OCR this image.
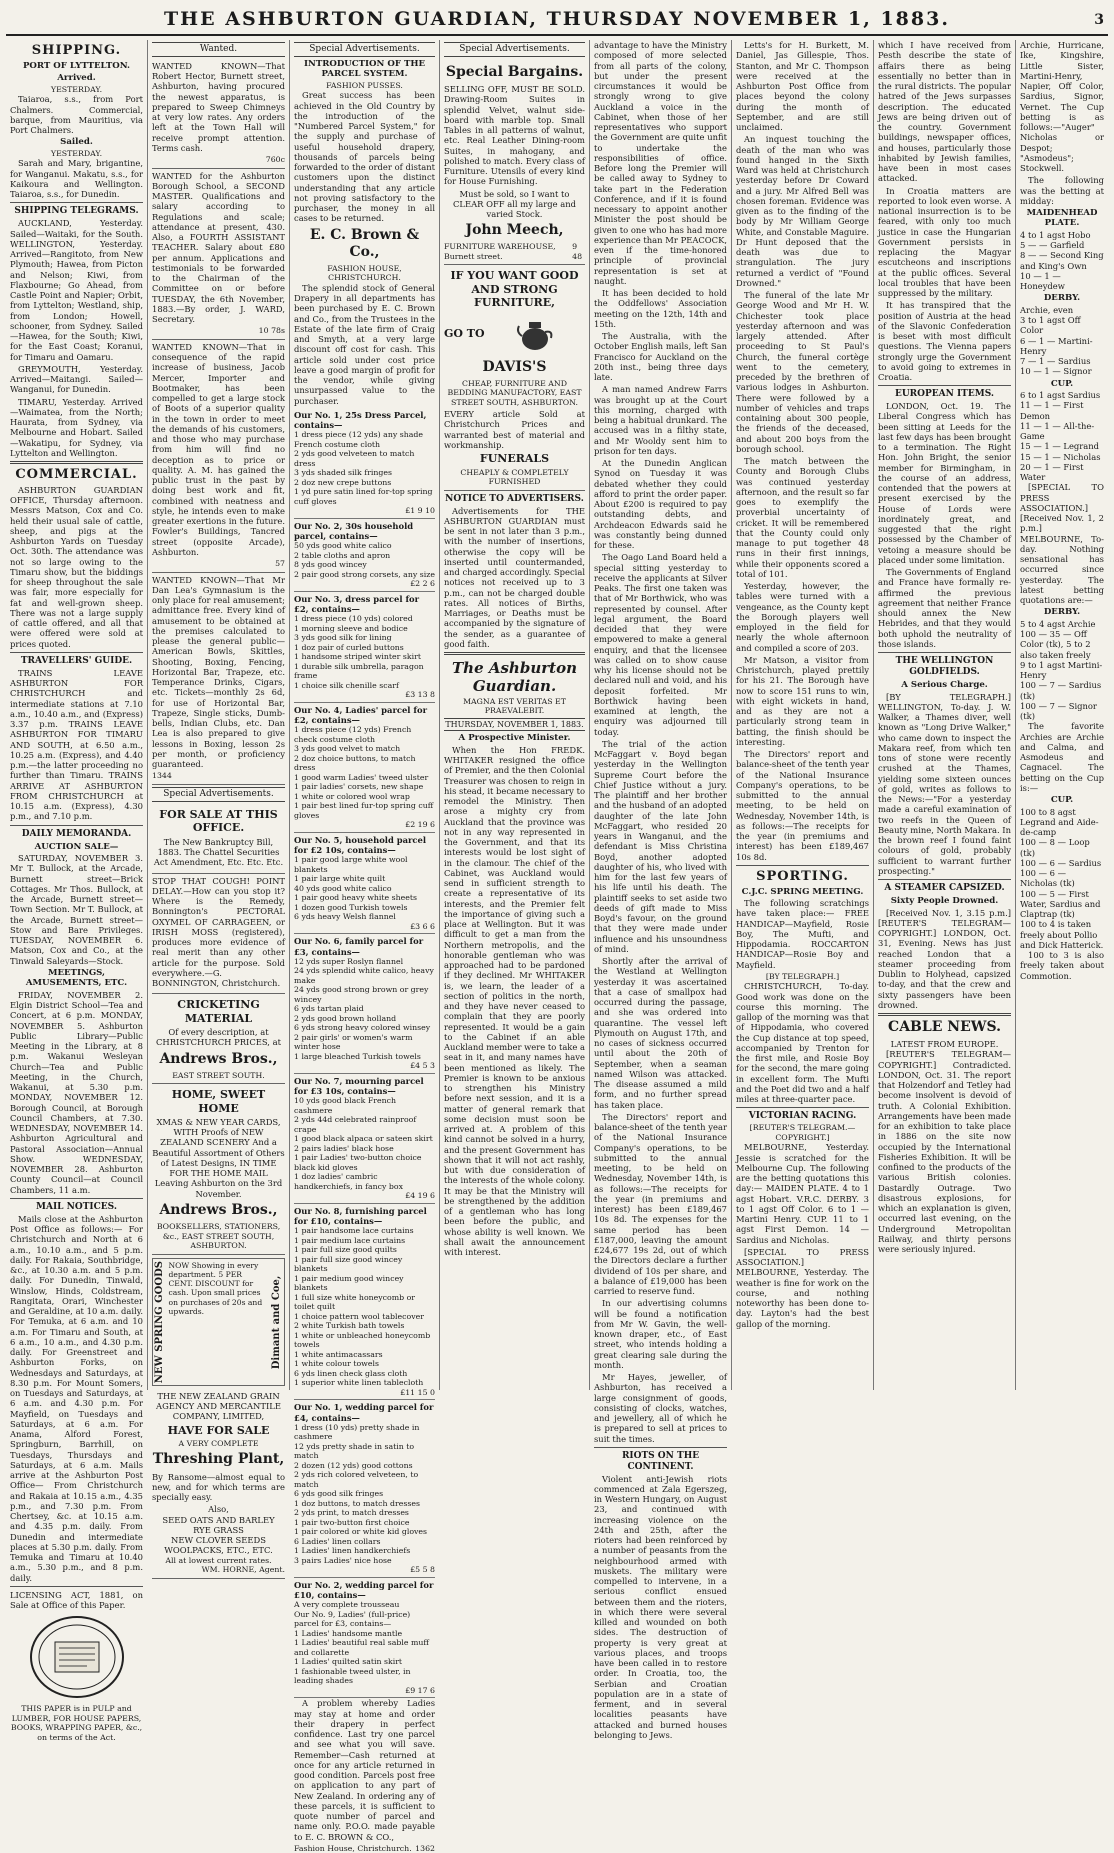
THE ASHBURTON GUARDIAN, THURSDAY NOVEMBER 1, 1883.	3
SHIPPING.
PORT OF LYTTELTON.
Arrived.
YESTERDAY.

Taiaroa, s.s., from Port Chalmers. Commercial, barque, from Mauritius, via Port Chalmers.

Sailed.
YESTERDAY.

Sarah and Mary, brigantine, for Wanganui. Makatu, s.s., for Kaikoura and Wellington. Taiaroa, s.s., for Dunedin.

SHIPPING TELEGRAMS.

AUCKLAND, Yesterday. Sailed—Waitaki, for the South. WELLINGTON, Yesterday. Arrived—Rangitoto, from New Plymouth; Hawea, from Picton and Nelson; Kiwi, from Flaxbourne; Go Ahead, from Castle Point and Napier; Orbit, from Lyttelton; Westland, ship, from London; Howell, schooner, from Sydney. Sailed—Hawea, for the South; Kiwi, for the East Coast; Koranui, for Timaru and Oamaru.

GREYMOUTH, Yesterday. Arrived—Maitangi. Sailed—Wanganui, for Dunedin.

TIMARU, Yesterday. Arrived—Waimatea, from the North; Haurata, from Sydney, via Melbourne and Hobart. Sailed—Wakatipu, for Sydney, via Lyttelton and Wellington.

COMMERCIAL.

ASHBURTON GUARDIAN OFFICE, Thursday afternoon. Messrs Matson, Cox and Co. held their usual sale of cattle, sheep, and pigs at the Ashburton Yards on Tuesday Oct. 30th. The attendance was not so large owing to the Timaru show, but the biddings for sheep throughout the sale was fair, more especially for fat and well-grown sheep. There was not a large supply of cattle offered, and all that were offered were sold at prices quoted.

TRAVELLERS' GUIDE.

TRAINS LEAVE ASHBURTON FOR CHRISTCHURCH and intermediate stations at 7.10 a.m., 10.40 a.m., and (Express) 3.37 p.m. TRAINS LEAVE ASHBURTON FOR TIMARU AND SOUTH, at 6.50 a.m., 10.25 a.m. (Express), and 4.40 p.m.—the latter proceeding no further than Timaru. TRAINS ARRIVE AT ASHBURTON FROM CHRISTCHURCH at 10.15 a.m. (Express), 4.30 p.m., and 7.10 p.m.

DAILY MEMORANDA.
AUCTION SALE—

SATURDAY, NOVEMBER 3. Mr T. Bullock, at the Arcade, Burnett street—Brick Cottages. Mr Thos. Bullock, at the Arcade, Burnett street—Town Section. Mr T. Bullock, at the Arcade, Burnett street—Stow and Bare Privileges. TUESDAY, NOVEMBER 6. Matson, Cox and Co., at the Tinwald Saleyards—Stock.

MEETINGS, AMUSEMENTS, ETC.

FRIDAY, NOVEMBER 2. Elgin District School—Tea and Concert, at 6 p.m. MONDAY, NOVEMBER 5. Ashburton Public Library—Public Meeting in the Library, at 8 p.m. Wakanui Wesleyan Church—Tea and Public Meeting, in the Church, Wakanui, at 5.30 p.m. MONDAY, NOVEMBER 12. Borough Council, at Borough Council Chambers, at 7.30. WEDNESDAY, NOVEMBER 14. Ashburton Agricultural and Pastoral Association—Annual Show. WEDNESDAY, NOVEMBER 28. Ashburton County Council—at Council Chambers, 11 a.m.

MAIL NOTICES.

Mails close at the Ashburton Post Office as follows:— For Christchurch and North at 6 a.m., 10.10 a.m., and 5 p.m. daily. For Rakaia, Southbridge, &c., at 10.30 a.m. and 5 p.m. daily. For Dunedin, Tinwald, Winslow, Hinds, Coldstream, Rangitata, Orari, Winchester and Geraldine, at 10 a.m. daily. For Temuka, at 6 a.m. and 10 a.m. For Timaru and South, at 6 a.m., 10 a.m., and 4.30 p.m. daily. For Greenstreet and Ashburton Forks, on Wednesdays and Saturdays, at 8.30 p.m. For Mount Somers, on Tuesdays and Saturdays, at 6 a.m. and 4.30 p.m. For Mayfield, on Tuesdays and Saturdays, at 6 a.m. For Anama, Alford Forest, Springburn, Barrhill, on Tuesdays, Thursdays and Saturdays, at 6 a.m. Mails arrive at the Ashburton Post Office— From Christchurch and Rakaia at 10.15 a.m., 4.35 p.m., and 7.30 p.m. From Chertsey, &c. at 10.15 a.m. and 4.35 p.m. daily. From Dunedin and intermediate places at 5.30 p.m. daily. From Temuka and Timaru at 10.40 a.m., 5.30 p.m., and 8 p.m. daily.

LICENSING ACT, 1881, on Sale at Office of this Paper.

THIS PAPER is in PULP and LUMBER, FOR HOUSE PAPERS, BOOKS, WRAPPING PAPER, &c., on terms of the Act.

Wanted.

WANTED KNOWN—That Robert Hector, Burnett street, Ashburton, having procured the newest apparatus, is prepared to Sweep Chimneys at very low rates. Any orders left at the Town Hall will receive prompt attention. Terms cash.

760c

WANTED for the Ashburton Borough School, a SECOND MASTER. Qualifications and salary according to Regulations and scale; attendance at present, 430. Also, a FOURTH ASSISTANT TEACHER. Salary about £80 per annum. Applications and testimonials to be forwarded to the Chairman of the Committee on or before TUESDAY, the 6th November, 1883.—By order, J. WARD, Secretary.

10 78s

WANTED KNOWN—That in consequence of the rapid increase of business, Jacob Mercer, Importer and Bootmaker, has been compelled to get a large stock of Boots of a superior quality in the town in order to meet the demands of his customers, and those who may purchase from him will find no deception as to price or quality. A. M. has gained the public trust in the past by doing best work and fit, combined with neatness and style, he intends even to make greater exertions in the future. Fowler's Buildings, Tancred street (opposite Arcade), Ashburton.

57

WANTED KNOWN—That Mr Dan Lea's Gymnasium is the only place for real amusement; admittance free. Every kind of amusement to be obtained at the premises calculated to please the general public—American Bowls, Skittles, Shooting, Boxing, Fencing, Horizontal Bar, Trapeze, etc. Temperance Drinks, Cigars, etc. Tickets—monthly 2s 6d, for use of Horizontal Bar, Trapeze, Single sticks, Dumb-bells, Indian Clubs, etc. Dan Lea is also prepared to give lessons in Boxing, lesson 2s per month, or proficiency guaranteed.

1344
Special Advertisements.
FOR SALE AT THIS OFFICE.

The New Bankruptcy Bill, 1883. The Chattel Securities Act Amendment, Etc. Etc. Etc.

STOP THAT COUGH! POINT DELAY.—How can you stop it? Where is the Remedy, Bonnington's PECTORAL OXYMEL OF CARRAGEEN, or IRISH MOSS (registered), produces more evidence of real merit than any other article for the purpose. Sold everywhere.—G. BONNINGTON, Christchurch.

CRICKETING MATERIAL

Of every description, at CHRISTCHURCH PRICES, at

Andrews Bros.,
EAST STREET SOUTH.
HOME, SWEET HOME

XMAS & NEW YEAR CARDS, WITH Proofs of NEW ZEALAND SCENERY And a Beautiful Assortment of Others of Latest Designs, IN TIME FOR THE HOME MAIL Leaving Ashburton on the 3rd November.

Andrews Bros.,
BOOKSELLERS, STATIONERS, &c., EAST STREET SOUTH, ASHBURTON.
NEW SPRING GOODS NOW Showing in every department. 5 PER CENT. DISCOUNT for cash. Upon small prices on purchases of 20s and upwards.	Dimant and Coe,

THE NEW ZEALAND GRAIN AGENCY AND MERCANTILE COMPANY, LIMITED,

HAVE FOR SALE
A VERY COMPLETE
Threshing Plant,

By Ransome—almost equal to new, and for which terms are specially easy.

Also,
SEED OATS AND BARLEY
RYE GRASS
NEW CLOVER SEEDS
WOOLPACKS, ETC., ETC.
All at lowest current rates.
WM. HORNE, Agent.
Special Advertisements.
INTRODUCTION OF THE PARCEL SYSTEM.
FASHION PUSSES.

Great success has been achieved in the Old Country by the introduction of the "Numbered Parcel System," for the supply and purchase of useful household drapery, thousands of parcels being forwarded to the order of distant customers upon the distinct understanding that any article not proving satisfactory to the purchaser, the money in all cases to be returned.

E. C. Brown & Co.,
FASHION HOUSE, CHRISTCHURCH.

The splendid stock of General Drapery in all departments has been purchased by E. C. Brown and Co., from the Trustees in the Estate of the late firm of Craig and Smyth, at a very large discount off cost for cash. This article sold under cost price leave a good margin of profit for the vendor, while giving unsurpassed value to the purchaser.

Our No. 1, 25s Dress Parcel, contains—
1 dress piece (12 yds) any shade
French costume cloth
2 yds good velveteen to match dress
3 yds shaded silk fringes
2 doz new crepe buttons
1 yd pure satin lined for-top spring cuff gloves
£1 9 10
Our No. 2, 30s household parcel, contains—
50 yds good white calico
2 table cloths and apron
8 yds good wincey
2 pair good strong corsets, any size
£2 2 6
Our No. 3, dress parcel for £2, contains—
1 dress piece (10 yds) colored
1 morning sleeve and bodice
3 yds good silk for lining
1 doz pair of curled buttons
1 handsome striped winter skirt
1 durable silk umbrella, paragon frame
1 choice silk chenille scarf
£3 13 8
Our No. 4, Ladies' parcel for £2, contains—
1 dress piece (12 yds) French check costume cloth
3 yds good velvet to match
2 doz choice buttons, to match dress
1 good warm Ladies' tweed ulster
1 pair ladies' corsets, new shape
1 white or colored wool wrap
1 pair best lined fur-top spring cuff gloves
£2 19 6
Our No. 5, household parcel for £2 10s, contains—
1 pair good large white wool blankets
1 pair large white quilt
40 yds good white calico
1 pair good heavy white sheets
1 dozen good Turkish towels
6 yds heavy Welsh flannel
£3 6 6
Our No. 6, family parcel for £3, contains—
12 yds super Roslyn flannel
24 yds splendid white calico, heavy make
24 yds good strong brown or grey wincey
6 yds tartan plaid
2 yds good brown holland
6 yds strong heavy colored winsey
2 pair girls' or women's warm winter hose
1 large bleached Turkish towels
£4 5 3
Our No. 7, mourning parcel for £3 10s, contains—
10 yds good black French cashmere
2 yds 44d celebrated rainproof crape
1 good black alpaca or sateen skirt
2 pairs ladies' black hose
1 pair Ladies' two-button choice black kid gloves
1 doz ladies' cambric handkerchiefs, in fancy box
£4 19 6
Our No. 8, furnishing parcel for £10, contains—
1 pair handsome lace curtains
1 pair medium lace curtains
1 pair full size good quilts
1 pair full size good wincey blankets
1 pair medium good wincey blankets
1 full size white honeycomb or toilet quilt
1 choice pattern wool tablecover
2 white Turkish bath towels
1 white or unbleached honeycomb towels
1 white antimacassars
1 white colour towels
6 yds linen check glass cloth
1 superior white linen tablecloth
£11 15 0
Our No. 1, wedding parcel for £4, contains—
1 dress (10 yds) pretty shade in cashmere
12 yds pretty shade in satin to match
2 dozen (12 yds) good cottons
2 yds rich colored velveteen, to match
6 yds good silk fringes
1 doz buttons, to match dresses
2 yds print, to match dresses
1 pair two-button first choice
1 pair colored or white kid gloves
6 Ladies' linen collars
1 Ladies' linen handkerchiefs
3 pairs Ladies' nice hose
£5 5 8
Our No. 2, wedding parcel for £10, contains—
A very complete trousseau
Our No. 9, Ladies' (full-price) parcel for £3, contains—
1 Ladies' handsome mantle
1 Ladies' beautiful real sable muff and collarette
1 Ladies' quilted satin skirt
1 fashionable tweed ulster, in leading shades
£9 17 6

A problem whereby Ladies may stay at home and order their drapery in perfect confidence. Last try one parcel and see what you will save. Remember—Cash returned at once for any article returned in good condition. Parcels post free on application to any part of New Zealand. In ordering any of these parcels, it is sufficient to quote number of parcel and name only. P.O.O. made payable to E. C. BROWN & CO.,

Fashion House, Christchurch. 1362
Special Advertisements.
Special Bargains.

SELLING OFF, MUST BE SOLD. Drawing-Room Suites in splendid Velvet, walnut side-board with marble top. Small Tables in all patterns of walnut, etc. Real Leather Dining-room Suites, in mahogany, and polished to match. Every class of Furniture. Utensils of every kind for House Furnishing.

Must be sold, so I want to CLEAR OFF all my large and varied Stock.

John Meech,
FURNITURE WAREHOUSE, Burnett street.
9 48
IF YOU WANT GOOD AND STRONG FURNITURE,
GO TO
DAVIS'S

CHEAP, FURNITURE AND BEDDING MANUFACTORY, EAST STREET SOUTH, ASHBURTON.

EVERY article Sold at Christchurch Prices and warranted best of material and workmanship.

FUNERALS
CHEAPLY & COMPLETELY FURNISHED
NOTICE TO ADVERTISERS.

Advertisements for THE ASHBURTON GUARDIAN must be sent in not later than 3 p.m., with the number of insertions, otherwise the copy will be inserted until countermanded, and charged accordingly. Special notices not received up to 3 p.m., can not be charged double rates. All notices of Births, Marriages, or Deaths must be accompanied by the signature of the sender, as a guarantee of good faith.

The Ashburton Guardian.
MAGNA EST VERITAS ET PRAEVALEBIT.
THURSDAY, NOVEMBER 1, 1883.
A Prospective Minister.

When the Hon FREDK. WHITAKER resigned the office of Premier, and the then Colonial Treasurer was chosen to reign in his stead, it became necessary to remodel the Ministry. Then arose a mighty cry from Auckland that the province was not in any way represented in the Government, and that its interests would be lost sight of in the clamour. The chief of the Cabinet, was Auckland would send in sufficient strength to create a representative of its interests, and the Premier felt the importance of giving such a place at Wellington. But it was difficult to get a man from the Northern metropolis, and the honorable gentleman who was approached had to be pardoned if they declined. Mr WHITAKER is, we learn, the leader of a section of politics in the north, and they have never ceased to complain that they are poorly represented. It would be a gain to the Cabinet if an able Auckland member were to take a seat in it, and many names have been mentioned as likely. The Premier is known to be anxious to strengthen his Ministry before next session, and it is a matter of general remark that some decision must soon be arrived at. A problem of this kind cannot be solved in a hurry, and the present Government has shown that it will not act rashly, but with due consideration of the interests of the whole colony. It may be that the Ministry will be strengthened by the addition of a gentleman who has long been before the public, and whose ability is well known. We shall await the announcement with interest.

advantage to have the Ministry composed of more selected from all parts of the colony, but under the present circumstances it would be strongly wrong to give Auckland a voice in the Cabinet, when those of her representatives who support the Government are quite unfit to undertake the responsibilities of office. Before long the Premier will be called away to Sydney to take part in the Federation Conference, and if it is found necessary to appoint another Minister the post should be given to one who has had more experience than Mr PEACOCK, even if the time-honored principle of provincial representation is set at naught.

It has been decided to hold the Oddfellows' Association meeting on the 12th, 14th and 15th.

The Australia, with the October English mails, left San Francisco for Auckland on the 20th inst., being three days late.

A man named Andrew Farrs was brought up at the Court this morning, charged with being a habitual drunkard. The accused was in a filthy state, and Mr Wooldy sent him to prison for ten days.

At the Dunedin Anglican Synod on Tuesday it was debated whether they could afford to print the order paper. About £200 is required to pay outstanding debts, and Archdeacon Edwards said he was constantly being dunned for these.

The Oago Land Board held a special sitting yesterday to receive the applicants at Silver Peaks. The first one taken was that of Mr Borthwick, who was represented by counsel. After legal argument, the Board decided that they were empowered to make a general enquiry, and that the licensee was called on to show cause why his license should not be declared null and void, and his deposit forfeited. Mr Borthwick having been examined at length, the enquiry was adjourned till today.

The trial of the action McFaggart v. Boyd began yesterday in the Wellington Supreme Court before the Chief Justice without a jury. The plaintiff and her brother and the husband of an adopted daughter of the late John McFaggart, who resided 20 years in Wanganui, and the defendant is Miss Christina Boyd, another adopted daughter of his, who lived with him for the last few years of his life until his death. The plaintiff seeks to set aside two deeds of gift made to Miss Boyd's favour, on the ground that they were made under influence and his unsoundness of mind.

Shortly after the arrival of the Westland at Wellington yesterday it was ascertained that a case of smallpox had occurred during the passage, and she was ordered into quarantine. The vessel left Plymouth on August 17th, and no cases of sickness occurred until about the 20th of September, when a seaman named Wilson was attacked. The disease assumed a mild form, and no further spread has taken place.

The Directors' report and balance-sheet of the tenth year of the National Insurance Company's operations, to be submitted to the annual meeting, to be held on Wednesday, November 14th, is as follows:—The receipts for the year (in premiums and interest) has been £189,467 10s 8d. The expenses for the same period has been £187,000, leaving the amount £24,677 19s 2d, out of which the Directors declare a further dividend of 10s per share, and a balance of £19,000 has been carried to reserve fund.

In our advertising columns will be found a notification from Mr W. Gavin, the well-known draper, etc., of East street, who intends holding a great clearing sale during the month.

Mr Hayes, jeweller, of Ashburton, has received a large consignment of goods, consisting of clocks, watches, and jewellery, all of which he is prepared to sell at prices to suit the times.

RIOTS ON THE CONTINENT.

Violent anti-Jewish riots commenced at Zala Egerszeg, in Western Hungary, on August 23, and continued with increasing violence on the 24th and 25th, after the rioters had been reinforced by a number of peasants from the neighbourhood armed with muskets. The military were compelled to intervene, in a serious conflict ensued between them and the rioters, in which there were several killed and wounded on both sides. The destruction of property is very great at various places, and troops have been called in to restore order. In Croatia, too, the Serbian and Croatian population are in a state of ferment, and in several localities peasants have attacked and burned houses belonging to Jews.

Letts's for H. Burkett, M. Daniel, Jas Gillespie, Thos. Stanton, and Mr C. Thompson were received at the Ashburton Post Office from places beyond the colony during the month of September, and are still unclaimed.

An inquest touching the death of the man who was found hanged in the Sixth Ward was held at Christchurch yesterday before Dr Coward and a jury. Mr Alfred Bell was chosen foreman. Evidence was given as to the finding of the body by Mr William George White, and Constable Maguire. Dr Hunt deposed that the death was due to strangulation. The jury returned a verdict of "Found Drowned."

The funeral of the late Mr George Wood and Mr H. W. Chichester took place yesterday afternoon and was largely attended. After proceeding to St Paul's Church, the funeral cortège went to the cemetery, preceded by the brethren of various lodges in Ashburton. There were followed by a number of vehicles and traps containing about 300 people, the friends of the deceased, and about 200 boys from the borough school.

The match between the County and Borough Clubs was continued yesterday afternoon, and the result so far goes to exemplify the proverbial uncertainty of cricket. It will be remembered that the County could only manage to put together 48 runs in their first innings, while their opponents scored a total of 101.

Yesterday, however, the tables were turned with a vengeance, as the County kept the Borough players well employed in the field for nearly the whole afternoon and compiled a score of 203.

Mr Matson, a visitor from Christchurch, played prettily for his 21. The Borough have now to score 151 runs to win, with eight wickets in hand, and as they are not a particularly strong team in batting, the finish should be interesting.

The Directors' report and balance-sheet of the tenth year of the National Insurance Company's operations, to be submitted to the annual meeting, to be held on Wednesday, November 14th, is as follows:—The receipts for the year (in premiums and interest) has been £189,467 10s 8d.

SPORTING.
C.J.C. SPRING MEETING.

The following scratchings have taken place:— FREE HANDICAP—Mayfield, Rosie Boy, The Mufti, and Hippodamia. ROCCARTON HANDICAP—Rosie Boy and Mayfield.

[BY TELEGRAPH.]

CHRISTCHURCH, To-day. Good work was done on the course this morning. The gallop of the morning was that of Hippodamia, who covered the Cup distance at top speed, accompanied by Trenton for the first mile, and Rosie Boy for the second, the mare going in excellent form. The Mufti and the Poet did two and a half miles at three-quarter pace.

VICTORIAN RACING.
[REUTER'S TELEGRAM.—COPYRIGHT.]

MELBOURNE, Yesterday. Jessie is scratched for the Melbourne Cup. The following are the betting quotations this day:— MAIDEN PLATE. 4 to 1 agst Hobart. V.R.C. DERBY. 3 to 1 agst Off Color. 6 to 1 — Martini Henry. CUP. 11 to 1 agst First Demon. 14 — Sardius and Nicholas.

[SPECIAL TO PRESS ASSOCIATION.] MELBOURNE, Yesterday. The weather is fine for work on the course, and nothing noteworthy has been done to-day. Layton's had the best gallop of the morning.

which I have received from Pesth describe the state of affairs there as being essentially no better than in the rural districts. The popular hatred of the Jews surpasses description. The educated Jews are being driven out of the country. Government buildings, newspaper offices, and houses, particularly those inhabited by Jewish families, have been in most cases attacked.

In Croatia matters are reported to look even worse. A national insurrection is to be feared, with only too much justice in case the Hungarian Government persists in replacing the Magyar escutcheons and inscriptions at the public offices. Several local troubles that have been suppressed by the military.

It has transpired that the position of Austria at the head of the Slavonic Confederation is beset with most difficult questions. The Vienna papers strongly urge the Government to avoid going to extremes in Croatia.

EUROPEAN ITEMS.

LONDON, Oct. 19. The Liberal Congress which has been sitting at Leeds for the last few days has been brought to a termination. The Right Hon. John Bright, the senior member for Birmingham, in the course of an address, contended that the powers at present exercised by the House of Lords were inordinately great, and suggested that the right possessed by the Chamber of vetoing a measure should be placed under some limitation.

The Governments of England and France have formally re-affirmed the previous agreement that neither France should annex the New Hebrides, and that they would both uphold the neutrality of those islands.

THE WELLINGTON GOLDFIELDS.
A Serious Charge.

[BY TELEGRAPH.] WELLINGTON, To-day. J. W. Walker, a Thames diver, well known as "Long Drive Walker," who came down to inspect the Makara reef, from which ten tons of stone were recently crushed at the Thames, yielding some sixteen ounces of gold, writes as follows to the News:—"For a yesterday made a careful examination of two reefs in the Queen of Beauty mine, North Makara. In the brown reef I found faint colours of gold, probably sufficient to warrant further prospecting."

A STEAMER CAPSIZED.
Sixty People Drowned.

[Received Nov. 1, 3.15 p.m.] [REUTER'S TELEGRAM—COPYRIGHT.] LONDON, Oct. 31, Evening. News has just reached London that a steamer proceeding from Dublin to Holyhead, capsized to-day, and that the crew and sixty passengers have been drowned.

CABLE NEWS.
LATEST FROM EUROPE.

[REUTER'S TELEGRAM—COPYRIGHT.] Contradicted. LONDON, Oct. 31. The report that Holzendorf and Tetley had become insolvent is devoid of truth. A Colonial Exhibition. Arrangements have been made for an exhibition to take place in 1886 on the site now occupied by the International Fisheries Exhibition. It will be confined to the products of the various British colonies. Dastardly Outrage. Two disastrous explosions, for which an explanation is given, occurred last evening, on the Underground Metropolitan Railway, and thirty persons were seriously injured.

Archie, Hurricane, Ike, Kingshire, Little Sister, Martini-Henry, Napier, Off Color, Sardius, Signor, Vernet. The Cup betting is as follows:—"Auger" Nicholas or Despot; "Asmodeus"; Stockwell.

The following was the betting at midday:

MAIDENHEAD PLATE.
4 to 1 agst Hobo
5 — — Garfield
8 — — Second King and King's Own
10 — 1 — Honeydew
DERBY.
Archie, even
3 to 1 agst Off Color
6 — 1 — Martini-Henry
7 — 1 — Sardius
10 — 1 — Signor
CUP.
6 to 1 agst Sardius
11 — 1 — First Demon
11 — 1 — All-the-Game
15 — 1 — Legrand
15 — 1 — Nicholas
20 — 1 — First Water

[SPECIAL TO PRESS ASSOCIATION.] [Received Nov. 1, 2 p.m.] MELBOURNE, To-day. Nothing sensational has occurred since yesterday. The latest betting quotations are:—

DERBY.
5 to 4 agst Archie
100 — 35 — Off Color (tk), 5 to 2 also taken freely
9 to 1 agst Martini-Henry
100 — 7 — Sardius (tk)
100 — 7 — Signor (tk)

The favorite Archies are Archie and Calma, and Asmodeus and Cagnacel. The betting on the Cup is:—

CUP.
100 to 8 agst Legrand and Aide-de-camp
100 — 8 — Loop (tk)
100 — 6 — Sardius
100 — 6 — Nicholas (tk)
100 — 5 — First Water, Sardius and Claptrap (tk)
100 to 4 is taken freely about Pollio and Dick Hatterick.

100 to 3 is also freely taken about Commotion.
